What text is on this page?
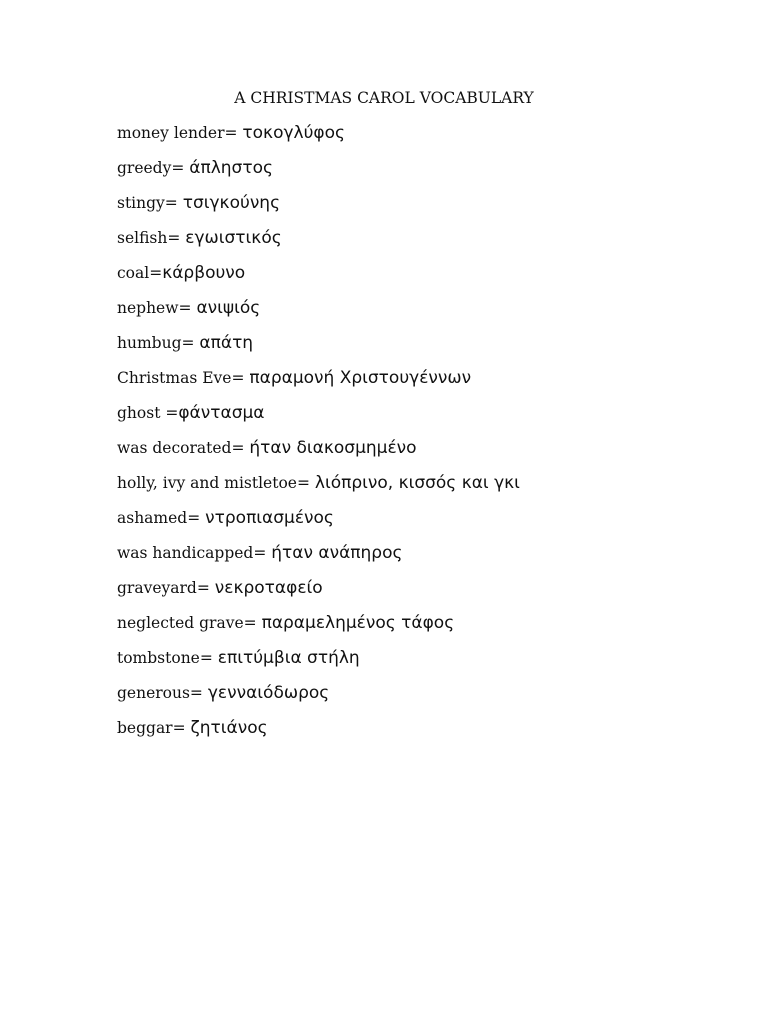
A CHRISTMAS CAROL VOCABULARY
money lender= τοκογλύφος
greedy= άπληστος
stingy= τσιγκούνης
selfish= εγωιστικός
coal=κάρβουνο
nephew= ανιψιός
humbug= απάτη
Christmas Eve= παραμονή Χριστουγέννων
ghost =φάντασμα
was decorated= ήταν διακοσμημένο
holly, ivy and mistletoe= λιόπρινο, κισσός και γκι
ashamed= ντροπιασμένος
was handicapped= ήταν ανάπηρος
graveyard= νεκροταφείο
neglected grave= παραμελημένος τάφος
tombstone= επιτύμβια στήλη
generous= γενναιόδωρος
beggar= ζητιάνος
